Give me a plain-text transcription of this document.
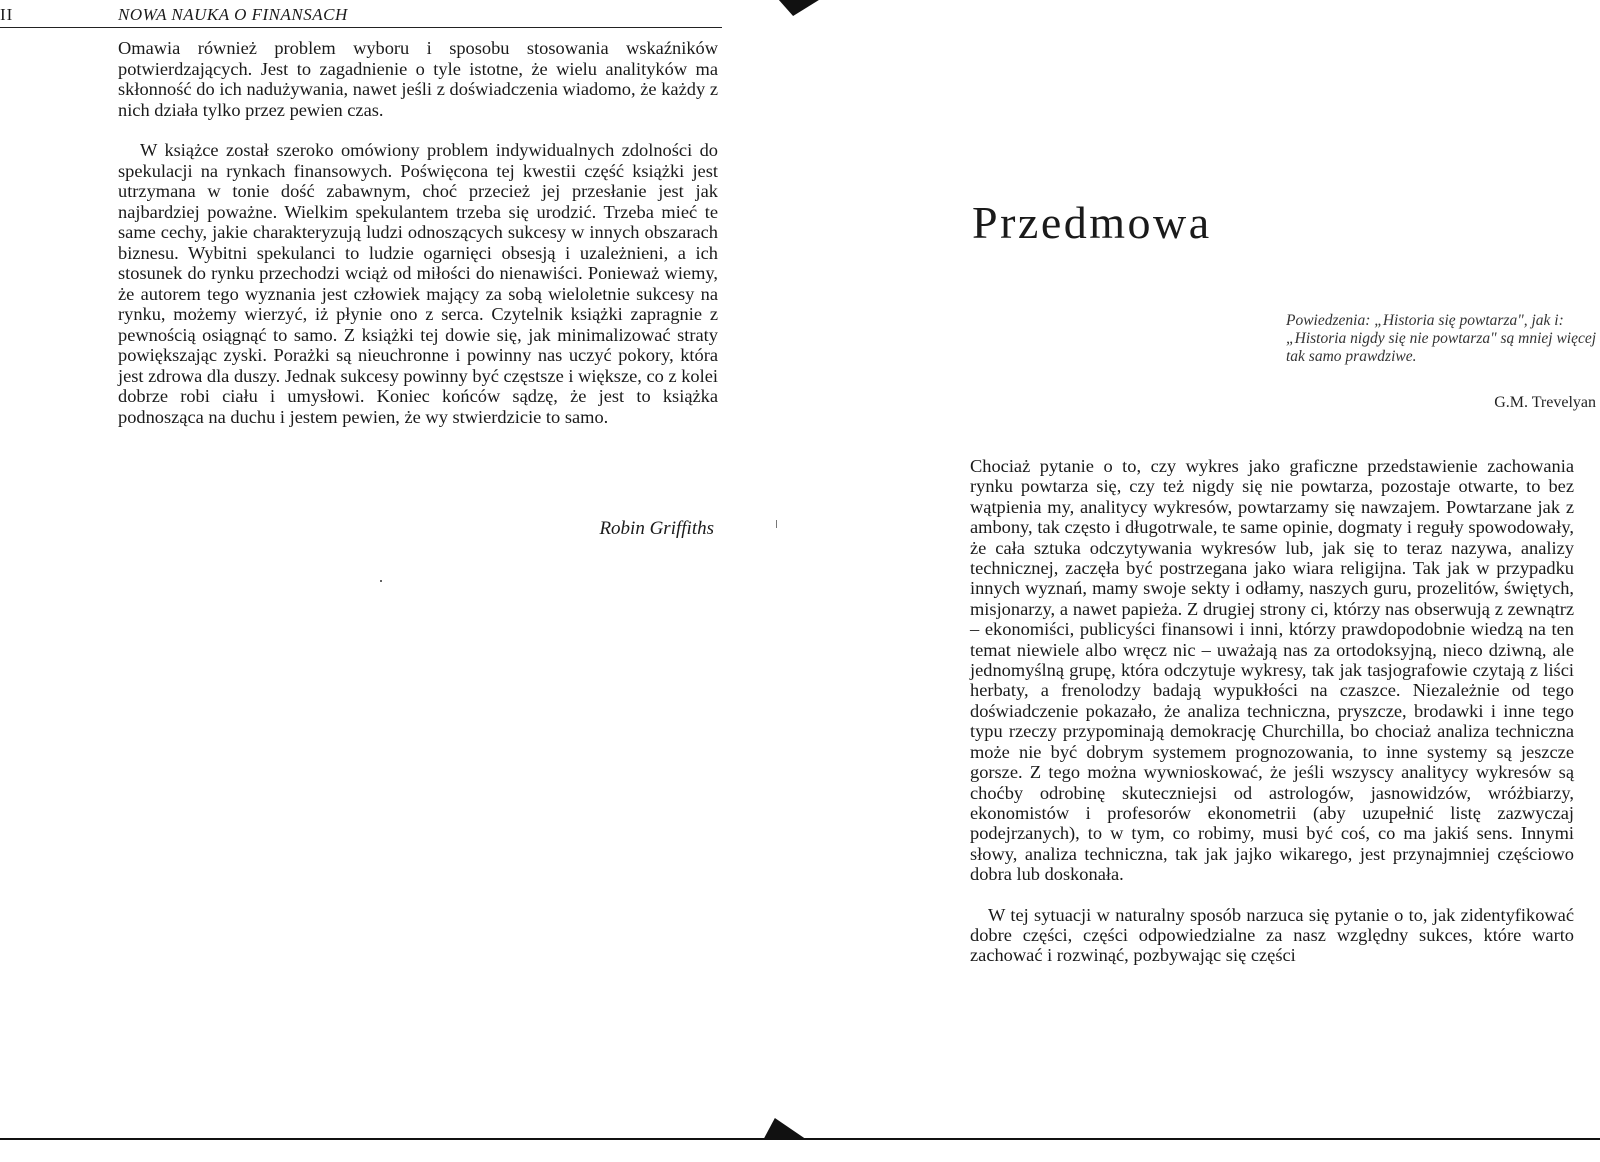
II	NOWA NAUKA O FINANSACH

Omawia również problem wyboru i sposobu stosowania wskaźników potwierdzających. Jest to zagadnienie o tyle istotne, że wielu analityków ma skłonność do ich nadużywania, nawet jeśli z doświadczenia wiadomo, że każdy z nich działa tylko przez pewien czas.

W książce został szeroko omówiony problem indywidualnych zdolności do spekulacji na rynkach finansowych. Poświęcona tej kwestii część książki jest utrzymana w tonie dość zabawnym, choć przecież jej przesłanie jest jak najbardziej poważne. Wielkim spekulantem trzeba się urodzić. Trzeba mieć te same cechy, jakie charakteryzują ludzi odnoszących sukcesy w innych obszarach biznesu. Wybitni spekulanci to ludzie ogarnięci obsesją i uzależnieni, a ich stosunek do rynku przechodzi wciąż od miłości do nienawiści. Ponieważ wiemy, że autorem tego wyznania jest człowiek mający za sobą wieloletnie sukcesy na rynku, możemy wierzyć, iż płynie ono z serca. Czytelnik książki zapragnie z pewnością osiągnąć to samo. Z książki tej dowie się, jak minimalizować straty powiększając zyski. Porażki są nieuchronne i powinny nas uczyć pokory, która jest zdrowa dla duszy. Jednak sukcesy powinny być częstsze i większe, co z kolei dobrze robi ciału i umysłowi. Koniec końców sądzę, że jest to książka podnosząca na duchu i jestem pewien, że wy stwierdzicie to samo.

Robin Griffiths
Przedmowa
Powiedzenia: „Historia się powtarza", jak i: „Historia nigdy się nie powtarza" są mniej więcej tak samo prawdziwe.
G.M. Trevelyan

Chociaż pytanie o to, czy wykres jako graficzne przedstawienie zachowania rynku powtarza się, czy też nigdy się nie powtarza, pozostaje otwarte, to bez wątpienia my, analitycy wykresów, powtarzamy się nawzajem. Powtarzane jak z ambony, tak często i długotrwale, te same opinie, dogmaty i reguły spowodowały, że cała sztuka odczytywania wykresów lub, jak się to teraz nazywa, analizy technicznej, zaczęła być postrzegana jako wiara religijna. Tak jak w przypadku innych wyznań, mamy swoje sekty i odłamy, naszych guru, prozelitów, świętych, misjonarzy, a nawet papieża. Z drugiej strony ci, którzy nas obserwują z zewnątrz – ekonomiści, publicyści finansowi i inni, którzy prawdopodobnie wiedzą na ten temat niewiele albo wręcz nic – uważają nas za ortodoksyjną, nieco dziwną, ale jednomyślną grupę, która odczytuje wykresy, tak jak tasjografowie czytają z liści herbaty, a frenolodzy badają wypukłości na czaszce. Niezależnie od tego doświadczenie pokazało, że analiza techniczna, pryszcze, brodawki i inne tego typu rzeczy przypominają demokrację Churchilla, bo chociaż analiza techniczna może nie być dobrym systemem prognozowania, to inne systemy są jeszcze gorsze. Z tego można wywnioskować, że jeśli wszyscy analitycy wykresów są choćby odrobinę skuteczniejsi od astrologów, jasnowidzów, wróżbiarzy, ekonomistów i profesorów ekonometrii (aby uzupełnić listę zazwyczaj podejrzanych), to w tym, co robimy, musi być coś, co ma jakiś sens. Innymi słowy, analiza techniczna, tak jak jajko wikarego, jest przynajmniej częściowo dobra lub doskonała.

W tej sytuacji w naturalny sposób narzuca się pytanie o to, jak zidentyfikować dobre części, części odpowiedzialne za nasz względny sukces, które warto zachować i rozwinąć, pozbywając się części
